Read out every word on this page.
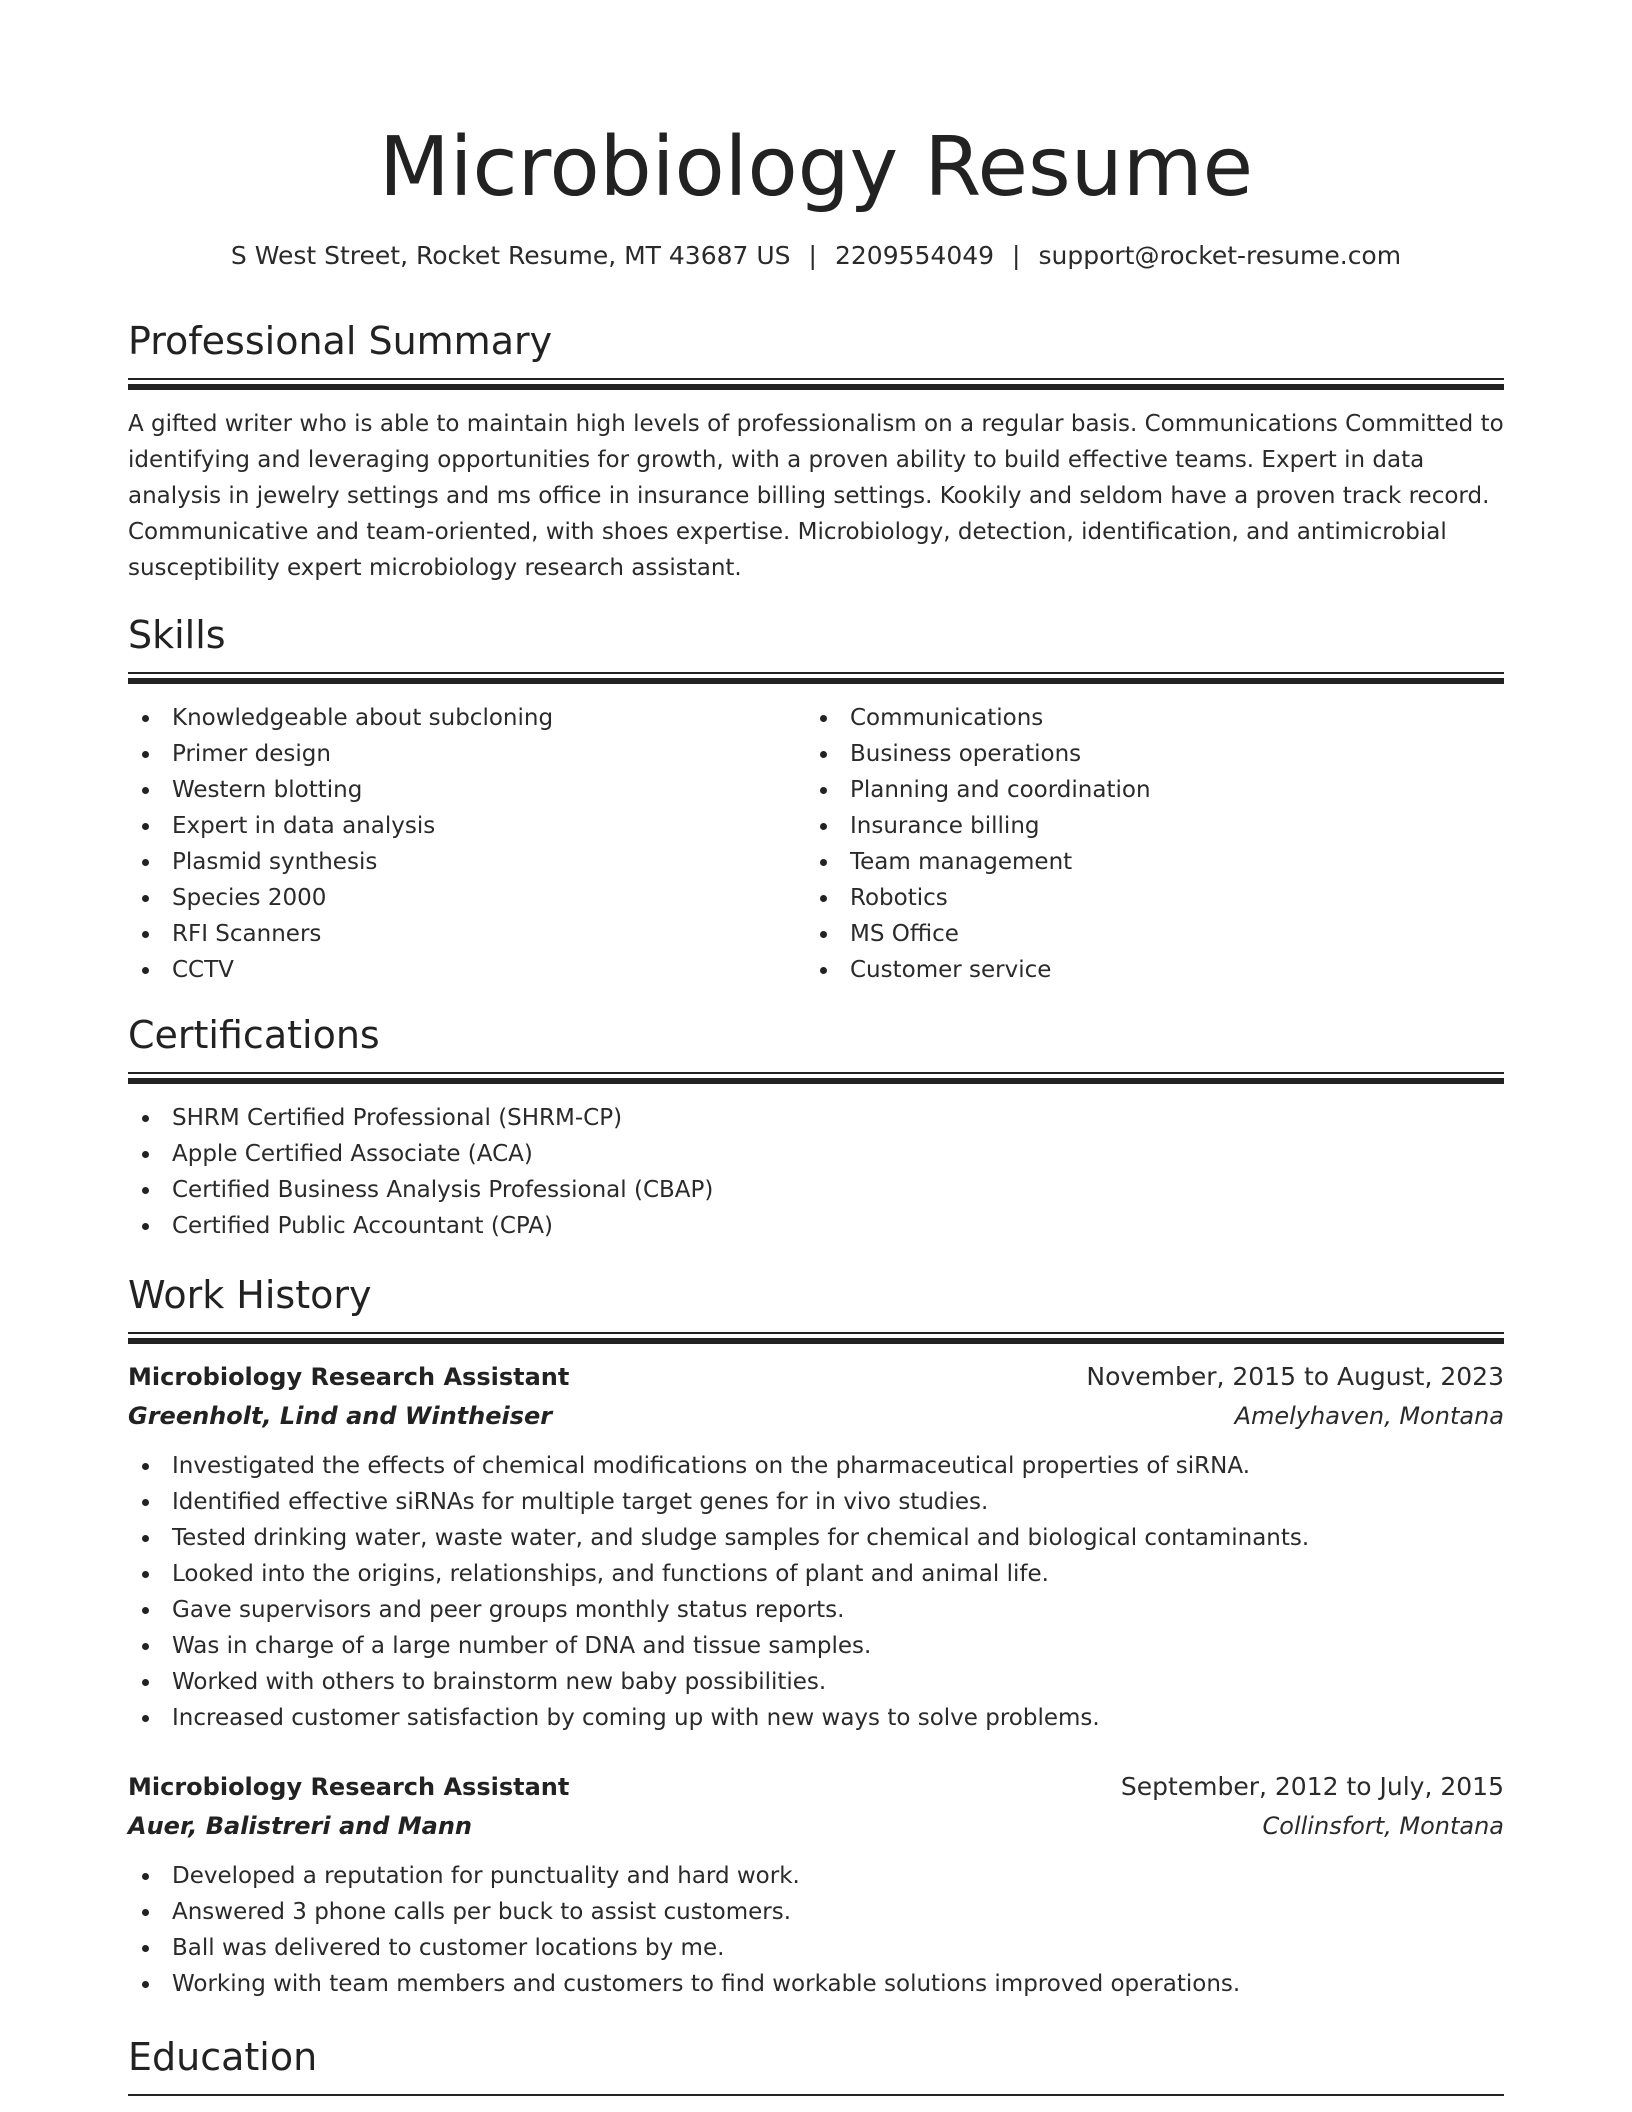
Microbiology Resume
S West Street, Rocket Resume, MT 43687 US | 2209554049 | support@rocket-resume.com
Professional Summary

A gifted writer who is able to maintain high levels of professionalism on a regular basis. Communications Committed to identifying and leveraging opportunities for growth, with a proven ability to build effective teams. Expert in data analysis in jewelry settings and ms office in insurance billing settings. Kookily and seldom have a proven track record. Communicative and team-oriented, with shoes expertise. Microbiology, detection, identification, and antimicrobial susceptibility expert microbiology research assistant.

Skills
Knowledgeable about subcloning
Primer design
Western blotting
Expert in data analysis
Plasmid synthesis
Species 2000
RFI Scanners
CCTV
Communications
Business operations
Planning and coordination
Insurance billing
Team management
Robotics
MS Office
Customer service
Certifications
SHRM Certified Professional (SHRM-CP)
Apple Certified Associate (ACA)
Certified Business Analysis Professional (CBAP)
Certified Public Accountant (CPA)
Work History
Microbiology Research Assistant	November, 2015 to August, 2023
Greenholt, Lind and Wintheiser	Amelyhaven, Montana
Investigated the effects of chemical modifications on the pharmaceutical properties of siRNA.
Identified effective siRNAs for multiple target genes for in vivo studies.
Tested drinking water, waste water, and sludge samples for chemical and biological contaminants.
Looked into the origins, relationships, and functions of plant and animal life.
Gave supervisors and peer groups monthly status reports.
Was in charge of a large number of DNA and tissue samples.
Worked with others to brainstorm new baby possibilities.
Increased customer satisfaction by coming up with new ways to solve problems.
Microbiology Research Assistant	September, 2012 to July, 2015
Auer, Balistreri and Mann	Collinsfort, Montana
Developed a reputation for punctuality and hard work.
Answered 3 phone calls per buck to assist customers.
Ball was delivered to customer locations by me.
Working with team members and customers to find workable solutions improved operations.
Education
